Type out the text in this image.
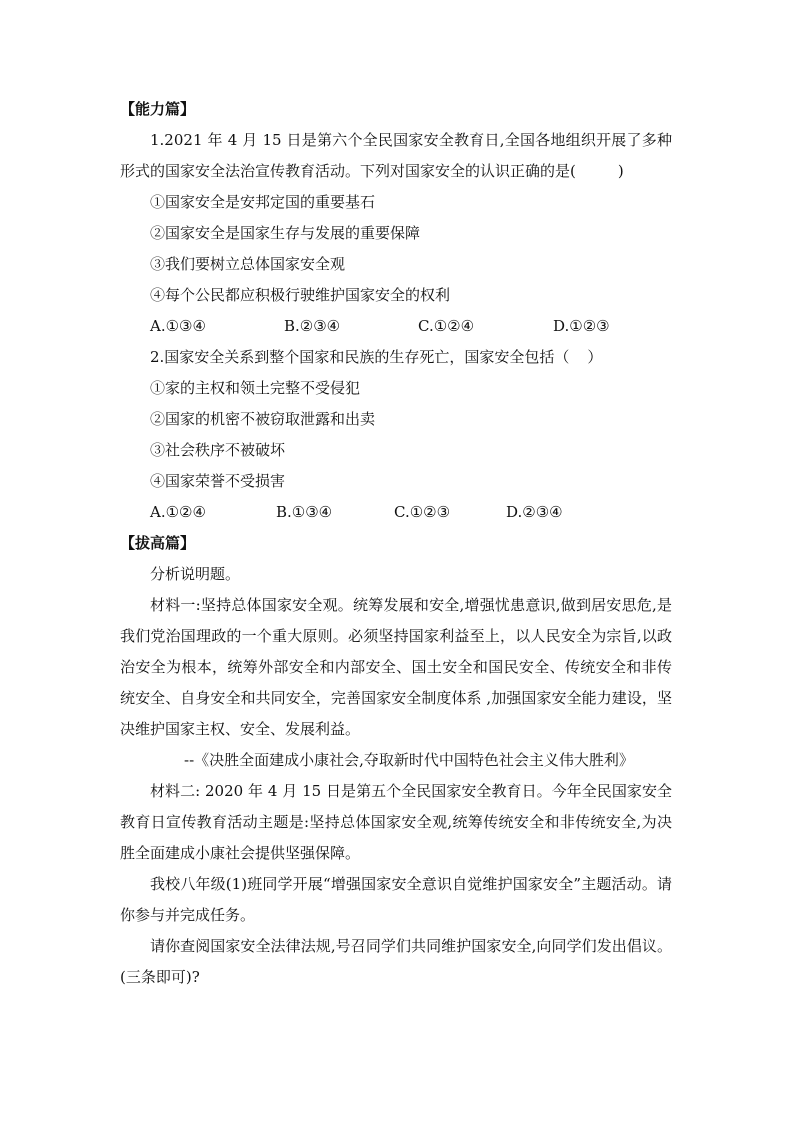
【能力篇】

1.2021 年 4 月 15 日是第六个全民国家安全教育日,全国各地组织开展了多种形式的国家安全法治宣传教育活动。下列对国家安全的认识正确的是(	)

①国家安全是安邦定国的重要基石

②国家安全是国家生存与发展的重要保障

③我们要树立总体国家安全观

④每个公民都应积极行驶维护国家安全的权利

A.①③④	B.②③④	C.①②④	D.①②③

2.国家安全关系到整个国家和民族的生存死亡，国家安全包括（ ）

①家的主权和领土完整不受侵犯

②国家的机密不被窃取泄露和出卖

③社会秩序不被破坏

④国家荣誉不受损害

A.①②④	B.①③④	C.①②③	D.②③④

【拔高篇】

分析说明题。

材料一:坚持总体国家安全观。统筹发展和安全,增强忧患意识,做到居安思危,是我们党治国理政的一个重大原则。必须坚持国家利益至上，以人民安全为宗旨,以政治安全为根本，统筹外部安全和内部安全、国土安全和国民安全、传统安全和非传统安全、自身安全和共同安全，完善国家安全制度体系 ,加强国家安全能力建设，坚决维护国家主权、安全、发展利益。

--《决胜全面建成小康社会,夺取新时代中国特色社会主义伟大胜利》

材料二: 2020 年 4 月 15 日是第五个全民国家安全教育日。今年全民国家安全教育日宣传教育活动主题是:坚持总体国家安全观,统筹传统安全和非传统安全,为决胜全面建成小康社会提供坚强保障。

我校八年级(1)班同学开展“增强国家安全意识自觉维护国家安全”主题活动。请你参与并完成任务。

请你查阅国家安全法律法规,号召同学们共同维护国家安全,向同学们发出倡议。 (三条即可)?
